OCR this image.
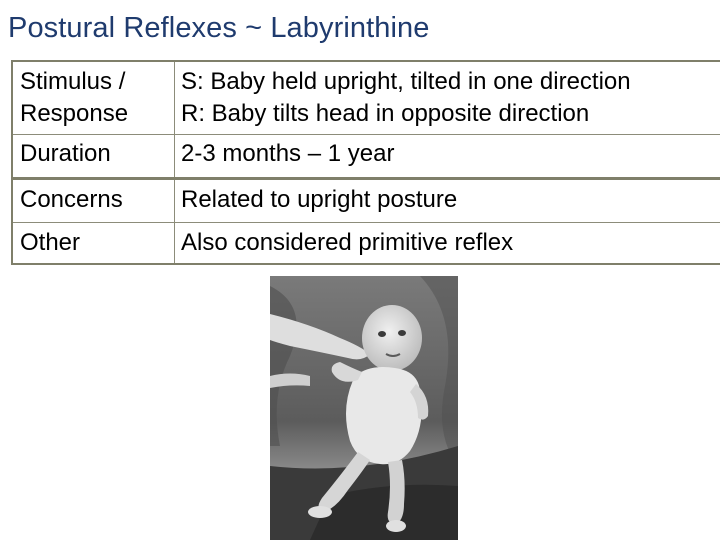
Postural Reflexes ~ Labyrinthine
Stimulus /
Response
S: Baby held upright, tilted in one direction
R: Baby tilts head in opposite direction
Duration	2-3 months – 1 year
Concerns Related to upright posture
Other	Also considered primitive reflex
